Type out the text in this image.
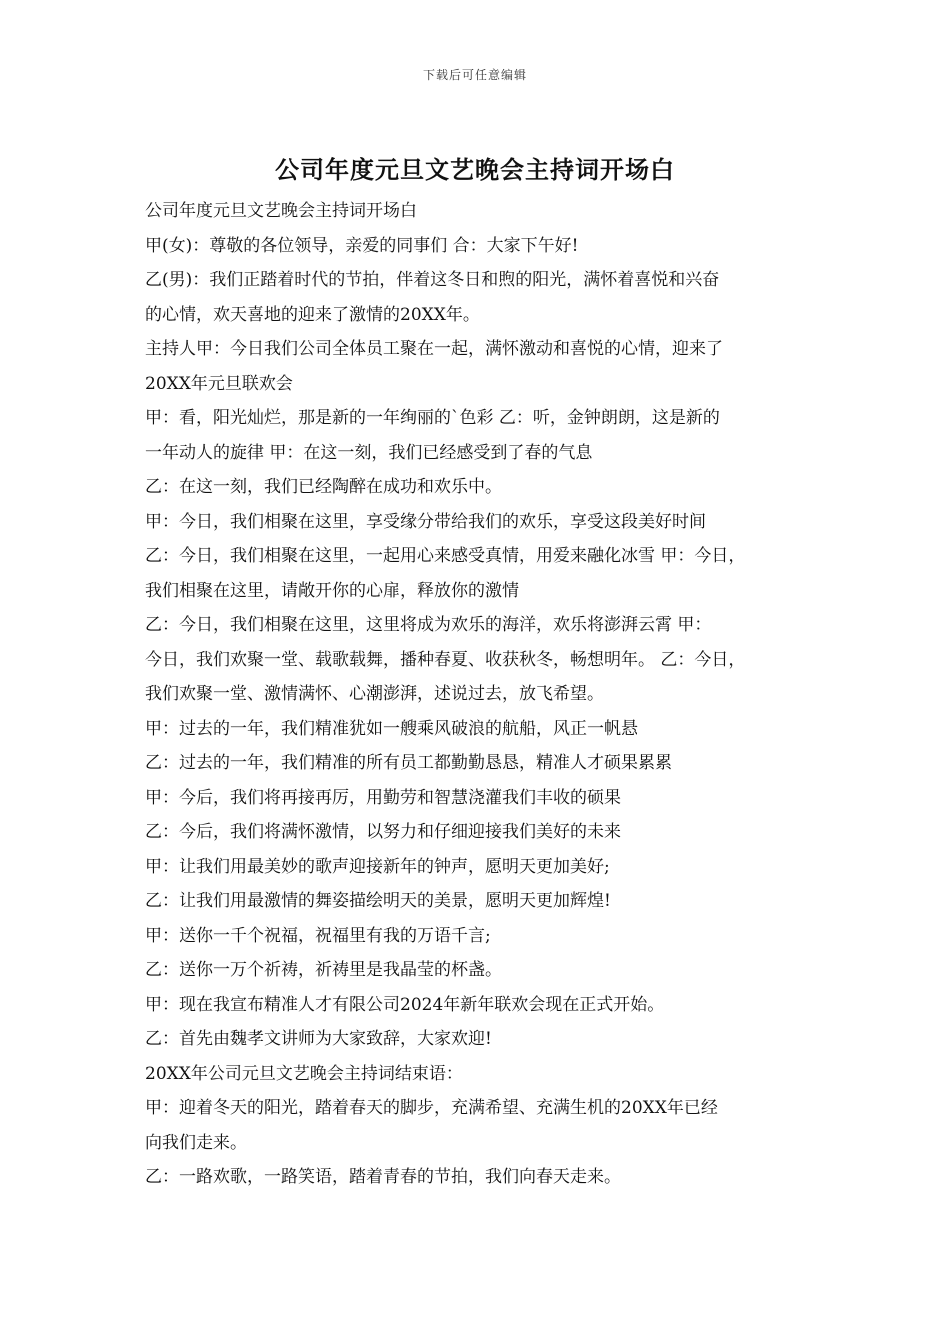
下载后可任意编辑
公司年度元旦文艺晚会主持词开场白
公司年度元旦文艺晚会主持词开场白
甲(女)：尊敬的各位领导，亲爱的同事们 合：大家下午好!
乙(男)：我们正踏着时代的节拍，伴着这冬日和煦的阳光，满怀着喜悦和兴奋
的心情，欢天喜地的迎来了激情的20XX年。
主持人甲：今日我们公司全体员工聚在一起，满怀激动和喜悦的心情，迎来了
20XX年元旦联欢会
甲：看，阳光灿烂，那是新的一年绚丽的`色彩 乙：听，金钟朗朗，这是新的
一年动人的旋律 甲：在这一刻，我们已经感受到了春的气息
乙：在这一刻，我们已经陶醉在成功和欢乐中。
甲：今日，我们相聚在这里，享受缘分带给我们的欢乐，享受这段美好时间
乙：今日，我们相聚在这里，一起用心来感受真情，用爱来融化冰雪 甲：今日，
我们相聚在这里，请敞开你的心扉，释放你的激情
乙：今日，我们相聚在这里，这里将成为欢乐的海洋，欢乐将澎湃云霄 甲：
今日，我们欢聚一堂、载歌载舞，播种春夏、收获秋冬，畅想明年。 乙：今日，
我们欢聚一堂、激情满怀、心潮澎湃，述说过去，放飞希望。
甲：过去的一年，我们精准犹如一艘乘风破浪的航船，风正一帆悬
乙：过去的一年，我们精准的所有员工都勤勤恳恳，精准人才硕果累累
甲：今后，我们将再接再厉，用勤劳和智慧浇灌我们丰收的硕果
乙：今后，我们将满怀激情，以努力和仔细迎接我们美好的未来
甲：让我们用最美妙的歌声迎接新年的钟声，愿明天更加美好;
乙：让我们用最激情的舞姿描绘明天的美景，愿明天更加辉煌!
甲：送你一千个祝福，祝福里有我的万语千言;
乙：送你一万个祈祷，祈祷里是我晶莹的杯盏。
甲：现在我宣布精准人才有限公司2024年新年联欢会现在正式开始。
乙：首先由魏孝文讲师为大家致辞，大家欢迎!
20XX年公司元旦文艺晚会主持词结束语：
甲：迎着冬天的阳光，踏着春天的脚步，充满希望、充满生机的20XX年已经
向我们走来。
乙：一路欢歌，一路笑语，踏着青春的节拍，我们向春天走来。
